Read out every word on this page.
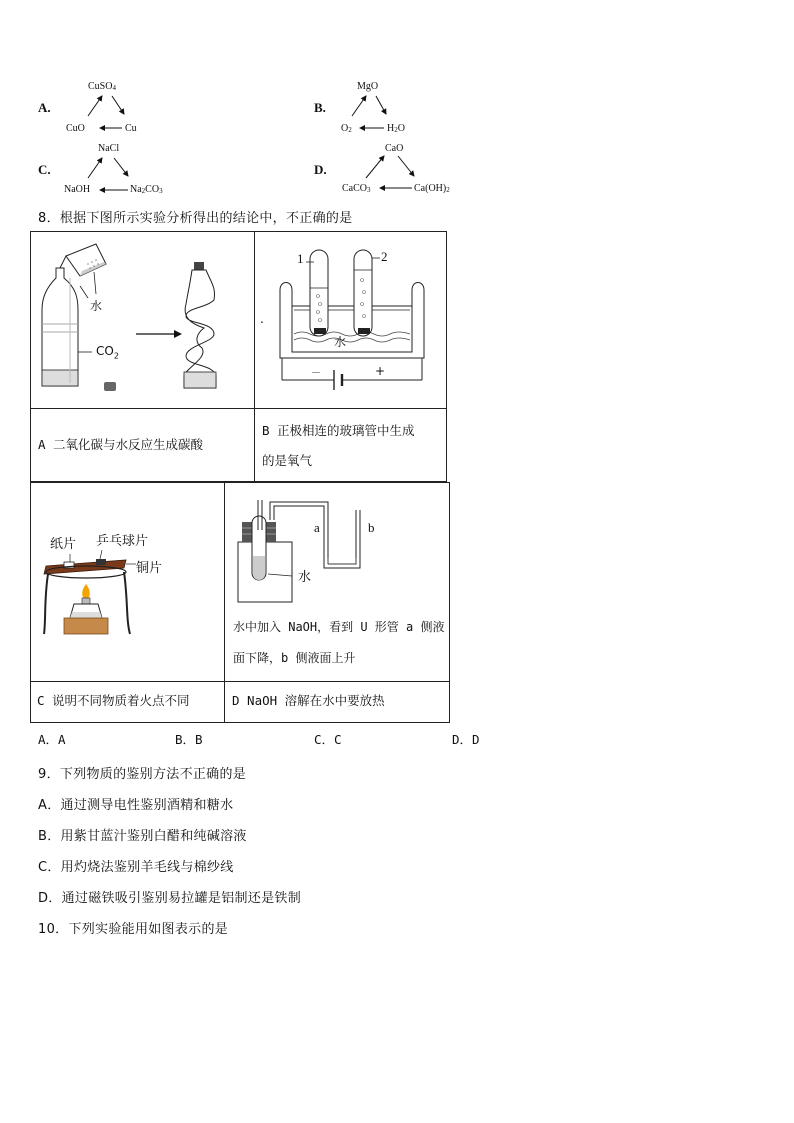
A.
CuSO$_4$
CuO	Cu
B.
MgO
$O_2$	$H_2O$
C.
NaCl
NaOH	$Na_2CO_3$
D.
CaO
CaCO$_3$	$Ca(OH)_2$
8．根据下图所示实验分析得出的结论中，不正确的是
水
$CO_2$
1	2
水
－	+
.
A 二氧化碳与水反应生成碳酸
B 正极相连的玻璃管中生成
的是氧气
纸片 乒乓球片
铜片
a	b
水
水中加入 NaOH，看到 U 形管 a 侧液
面下降，b 侧液面上升
C 说明不同物质着火点不同	D NaOH 溶解在水中要放热
A．A	B．B	C．C	D．D
9．下列物质的鉴别方法不正确的是
A．通过测导电性鉴别酒精和糖水
B．用紫甘蓝汁鉴别白醋和纯碱溶液
C．用灼烧法鉴别羊毛线与棉纱线
D．通过磁铁吸引鉴别易拉罐是铝制还是铁制
10．下列实验能用如图表示的是
